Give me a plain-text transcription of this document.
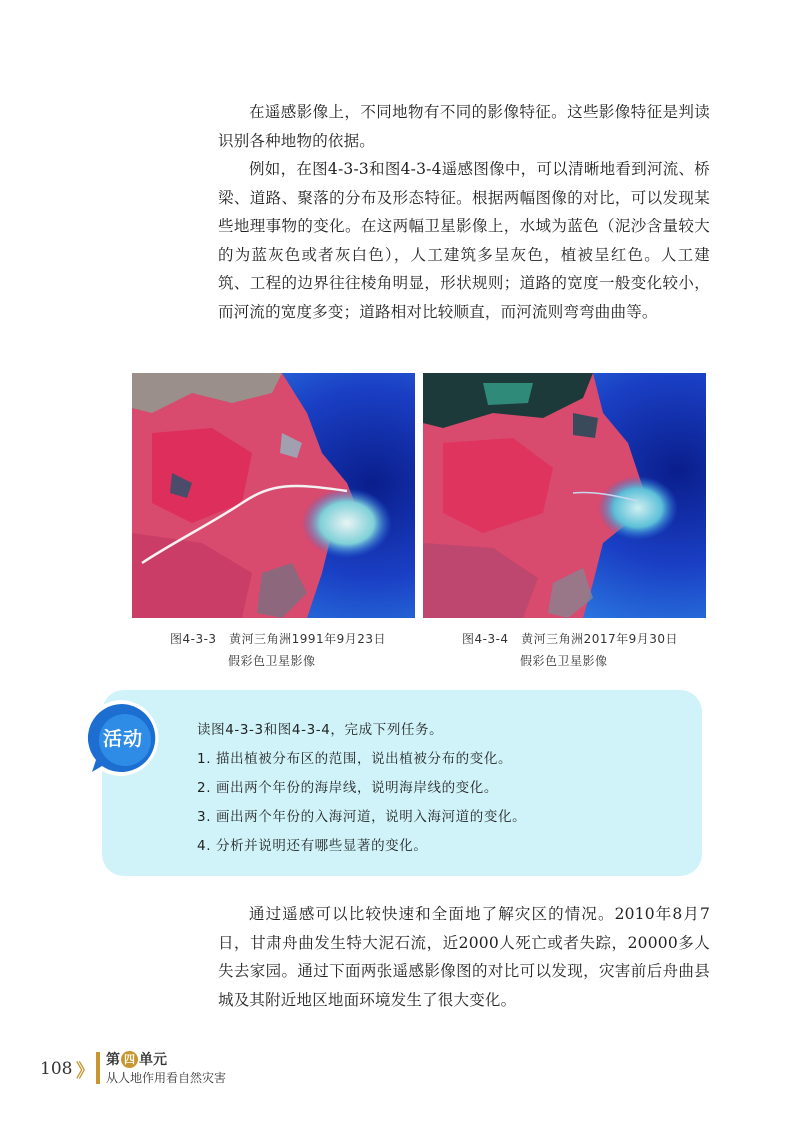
在遥感影像上，不同地物有不同的影像特征。这些影像特征是判读识别各种地物的依据。

例如，在图4-3-3和图4-3-4遥感图像中，可以清晰地看到河流、桥梁、道路、聚落的分布及形态特征。根据两幅图像的对比，可以发现某些地理事物的变化。在这两幅卫星影像上，水域为蓝色（泥沙含量较大的为蓝灰色或者灰白色），人工建筑多呈灰色，植被呈红色。人工建筑、工程的边界往往棱角明显，形状规则；道路的宽度一般变化较小，而河流的宽度多变；道路相对比较顺直，而河流则弯弯曲曲等。

图4-3-3　黄河三角洲1991年9月23日
假彩色卫星影像
图4-3-4　黄河三角洲2017年9月30日
假彩色卫星影像
活动	读图4-3-3和图4-3-4，完成下列任务。
1. 描出植被分布区的范围，说出植被分布的变化。
2. 画出两个年份的海岸线，说明海岸线的变化。
3. 画出两个年份的入海河道，说明入海河道的变化。
4. 分析并说明还有哪些显著的变化。

通过遥感可以比较快速和全面地了解灾区的情况。2010年8月7日，甘肃舟曲发生特大泥石流，近2000人死亡或者失踪，20000多人失去家园。通过下面两张遥感影像图的对比可以发现，灾害前后舟曲县城及其附近地区地面环境发生了很大变化。

108 》
第 四 单元
从人地作用看自然灾害
